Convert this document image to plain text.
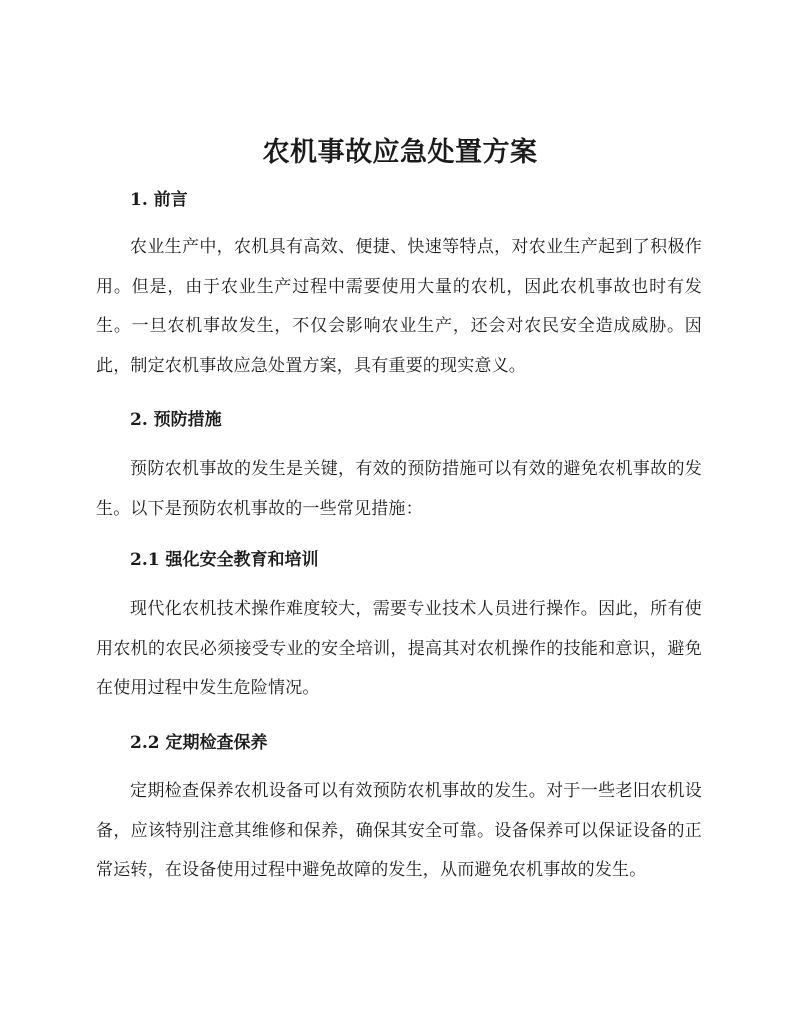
农机事故应急处置方案
1. 前言
农业生产中，农机具有高效、便捷、快速等特点，对农业生产起到了积极作用。但是，由于农业生产过程中需要使用大量的农机，因此农机事故也时有发生。一旦农机事故发生，不仅会影响农业生产，还会对农民安全造成威胁。因此，制定农机事故应急处置方案，具有重要的现实意义。
2. 预防措施
预防农机事故的发生是关键，有效的预防措施可以有效的避免农机事故的发生。以下是预防农机事故的一些常见措施：
2.1 强化安全教育和培训
现代化农机技术操作难度较大，需要专业技术人员进行操作。因此，所有使用农机的农民必须接受专业的安全培训，提高其对农机操作的技能和意识，避免在使用过程中发生危险情况。
2.2 定期检查保养
定期检查保养农机设备可以有效预防农机事故的发生。对于一些老旧农机设备，应该特别注意其维修和保养，确保其安全可靠。设备保养可以保证设备的正常运转，在设备使用过程中避免故障的发生，从而避免农机事故的发生。
